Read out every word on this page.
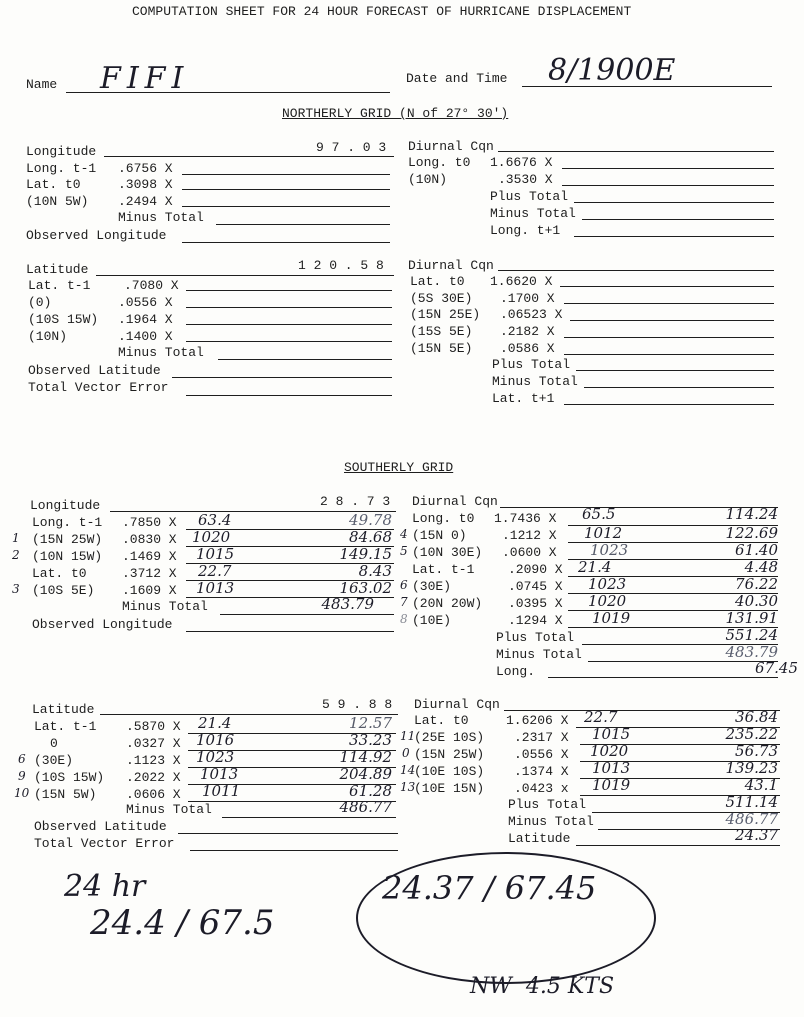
COMPUTATION SHEET FOR 24 HOUR FORECAST OF HURRICANE DISPLACEMENT
Name FIFI	Date and Time 8/1900E
NORTHERLY GRID (N of 27° 30')
Longitude	9 7 . 0 3
Long. t-1 .6756 X
Lat. t0	.3098 X
(10N 5W) .2494 X
Minus Total
Observed Longitude
Diurnal Cqn
Long. t0 1.6676 X
(10N)	.3530 X
Plus Total
Minus Total
Long. t+1
Latitude	1 2 0 . 5 8
Lat. t-1	.7080 X
(0)	.0556 X
(10S 15W) .1964 X
(10N)	.1400 X
Minus Total
Observed Latitude
Total Vector Error
Diurnal Cqn
Lat. t0 1.6620 X
(5S 30E) .1700 X
(15N 25E) .06523 X
(15S 5E) .2182 X
(15N 5E) .0586 X
Plus Total
Minus Total
Lat. t+1
SOUTHERLY GRID
Longitude	2 8 . 7 3
Long. t-1 .7850 X 63.4	49.78
1 (15N 25W) .0830 X 1020	84.68
2 (10N 15W) .1469 X 1015	149.15
Lat. t0	.3712 X 22.7	8.43
3 (10S 5E) .1609 X 1013	163.02
Minus Total	483.79
Observed Longitude
Diurnal Cqn
Long. t0 1.7436 X 65.5	114.24
4 (15N 0)	.1212 X 1012	122.69
5 (10N 30E) .0600 X 1023	61.40
Lat. t-1	.2090 X 21.4	4.48
6 (30E)	.0745 X 1023	76.22
7 (20N 20W) .0395 X 1020	40.30
8 (10E)	.1294 X 1019	131.91
Plus Total	551.24
Minus Total	483.79
Long.	67.45
Latitude	5 9 . 8 8
Lat. t-1 .5870 X 21.4	12.57
0	.0327 X 1016	33.23
6 (30E)	.1123 X 1023	114.92
9 (10S 15W) .2022 X 1013	204.89
10 (15N 5W) .0606 X 1011	61.28
Minus Total	486.77
Observed Latitude
Total Vector Error
Diurnal Cqn
Lat. t0	1.6206 X 22.7	36.84
11
(25E 10S) .2317 X 1015	235.22
0 (15N 25W) .0556 X 1020	56.73
14
(10E 10S) .1374 X 1013	139.23
13
(10E 15N) .0423 x 1019	43.1
Plus Total	511.14
Minus Total	486.77
Latitude	24.37
24 hr
24.4 / 67.5
24.37 / 67.45
NW  4.5 KTS
